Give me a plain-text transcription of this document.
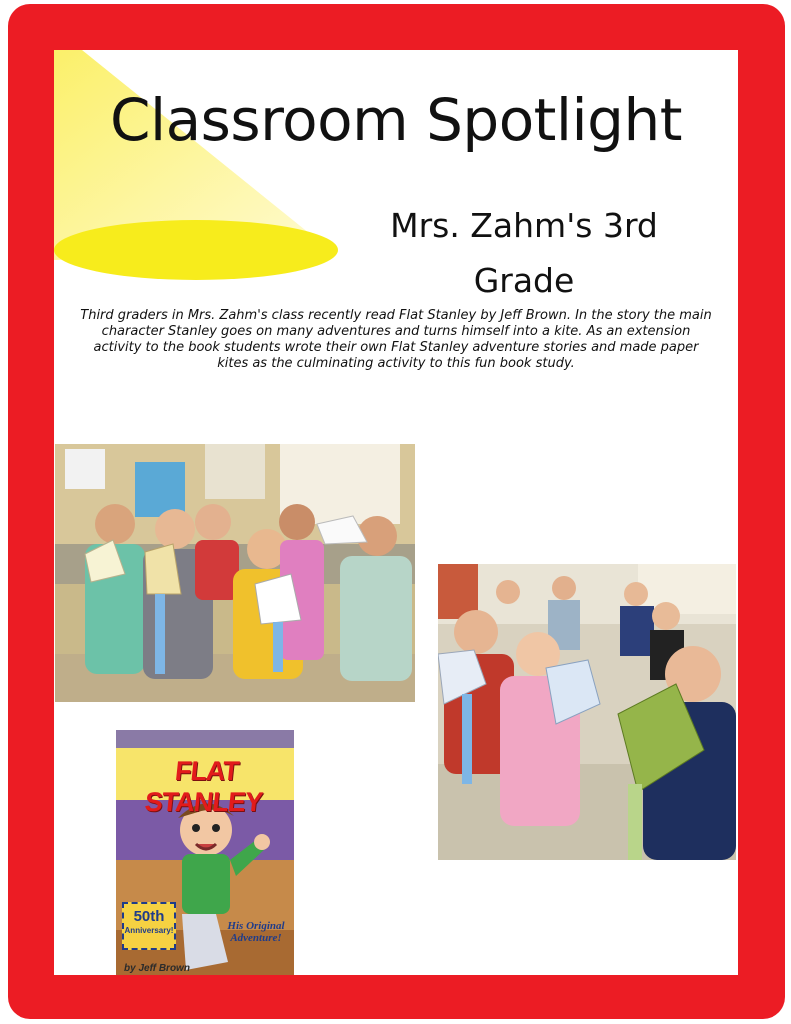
Classroom Spotlight
Mrs. Zahm's 3rd
Grade
Third graders in Mrs. Zahm's class recently read Flat Stanley by Jeff Brown. In the story the main character Stanley goes on many adventures and turns himself into a kite. As an extension activity to the book students wrote their own Flat Stanley adventure stories and made paper kites as the culminating activity to this fun book study.
FLAT STANLEY
50th
Anniversary!	His Original Adventure!
by Jeff Brown
